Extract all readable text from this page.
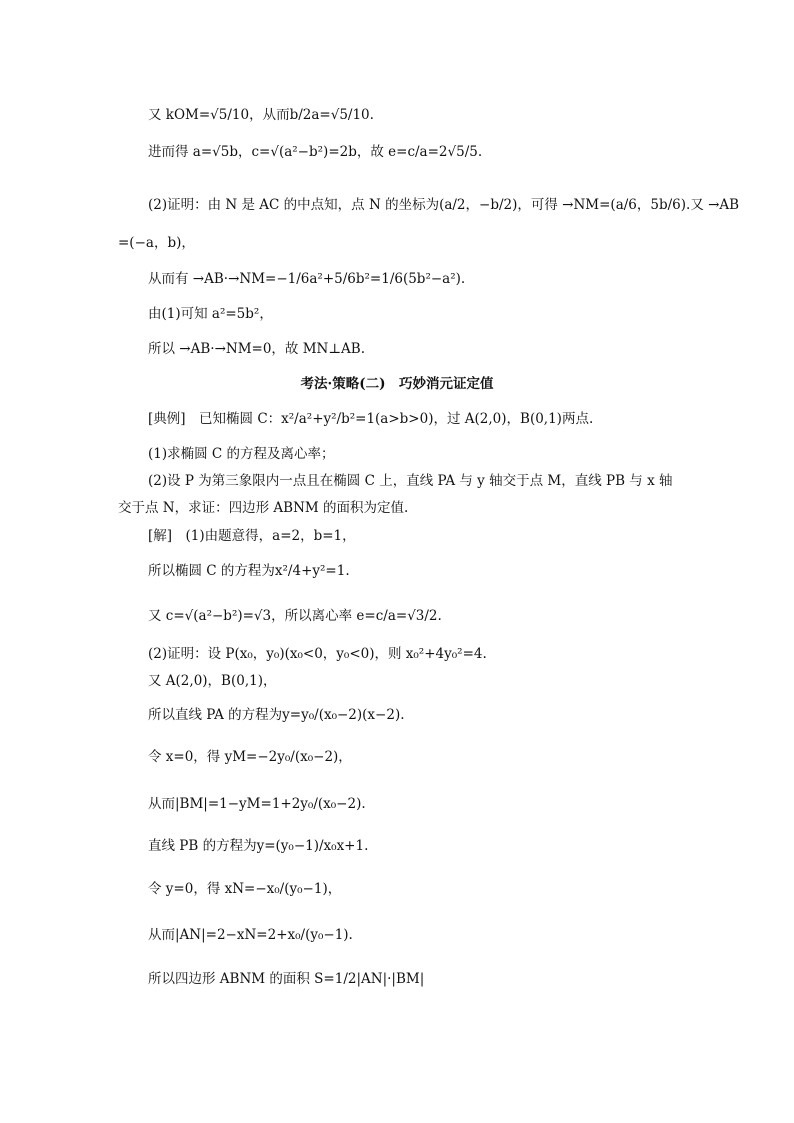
又 kOM=√5/10，从而b/2a=√5/10.
进而得 a=√5b，c=√(a²−b²)=2b，故 e=c/a=2√5/5.
(2)证明：由 N 是 AC 的中点知，点 N 的坐标为(a/2，−b/2)，可得 →NM=(a/6，5b/6).又 →AB
=(−a，b)，
从而有 →AB·→NM=−1/6a²+5/6b²=1/6(5b²−a²).
由(1)可知 a²=5b²，
所以 →AB·→NM=0，故 MN⊥AB.
考法·策略(二)　巧妙消元证定值
[典例]　已知椭圆 C：x²/a²+y²/b²=1(a>b>0)，过 A(2,0)，B(0,1)两点.
(1)求椭圆 C 的方程及离心率；
(2)设 P 为第三象限内一点且在椭圆 C 上，直线 PA 与 y 轴交于点 M，直线 PB 与 x 轴
交于点 N，求证：四边形 ABNM 的面积为定值.
[解]　(1)由题意得，a=2，b=1，
所以椭圆 C 的方程为x²/4+y²=1.
又 c=√(a²−b²)=√3，所以离心率 e=c/a=√3/2.
(2)证明：设 P(x₀，y₀)(x₀<0，y₀<0)，则 x₀²+4y₀²=4.
又 A(2,0)，B(0,1)，
所以直线 PA 的方程为y=y₀/(x₀−2)(x−2).
令 x=0，得 yM=−2y₀/(x₀−2)，
从而|BM|=1−yM=1+2y₀/(x₀−2).
直线 PB 的方程为y=(y₀−1)/x₀x+1.
令 y=0，得 xN=−x₀/(y₀−1)，
从而|AN|=2−xN=2+x₀/(y₀−1).
所以四边形 ABNM 的面积 S=1/2|AN|·|BM|
